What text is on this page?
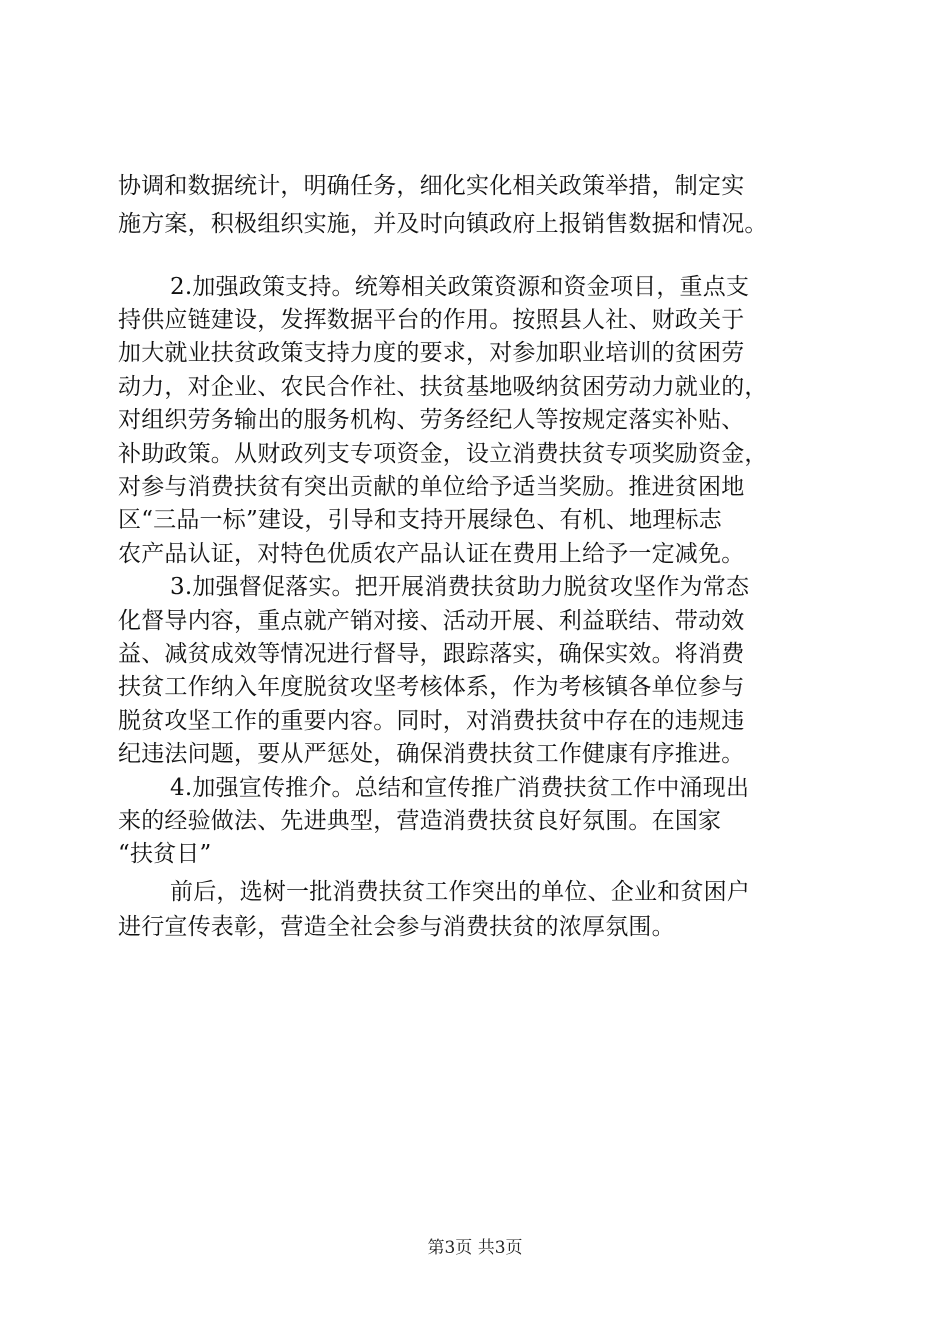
协调和数据统计，明确任务，细化实化相关政策举措，制定实
施方案，积极组织实施，并及时向镇政府上报销售数据和情况。
2.加强政策支持。统筹相关政策资源和资金项目，重点支
持供应链建设，发挥数据平台的作用。按照县人社、财政关于
加大就业扶贫政策支持力度的要求，对参加职业培训的贫困劳
动力，对企业、农民合作社、扶贫基地吸纳贫困劳动力就业的，
对组织劳务输出的服务机构、劳务经纪人等按规定落实补贴、
补助政策。从财政列支专项资金，设立消费扶贫专项奖励资金，
对参与消费扶贫有突出贡献的单位给予适当奖励。推进贫困地
区“三品一标”建设，引导和支持开展绿色、有机、地理标志
农产品认证，对特色优质农产品认证在费用上给予一定减免。
3.加强督促落实。把开展消费扶贫助力脱贫攻坚作为常态
化督导内容，重点就产销对接、活动开展、利益联结、带动效
益、减贫成效等情况进行督导，跟踪落实，确保实效。将消费
扶贫工作纳入年度脱贫攻坚考核体系，作为考核镇各单位参与
脱贫攻坚工作的重要内容。同时，对消费扶贫中存在的违规违
纪违法问题，要从严惩处，确保消费扶贫工作健康有序推进。
4.加强宣传推介。总结和宣传推广消费扶贫工作中涌现出
来的经验做法、先进典型，营造消费扶贫良好氛围。在国家
“扶贫日”
前后，选树一批消费扶贫工作突出的单位、企业和贫困户
进行宣传表彰，营造全社会参与消费扶贫的浓厚氛围。
第3页 共3页
